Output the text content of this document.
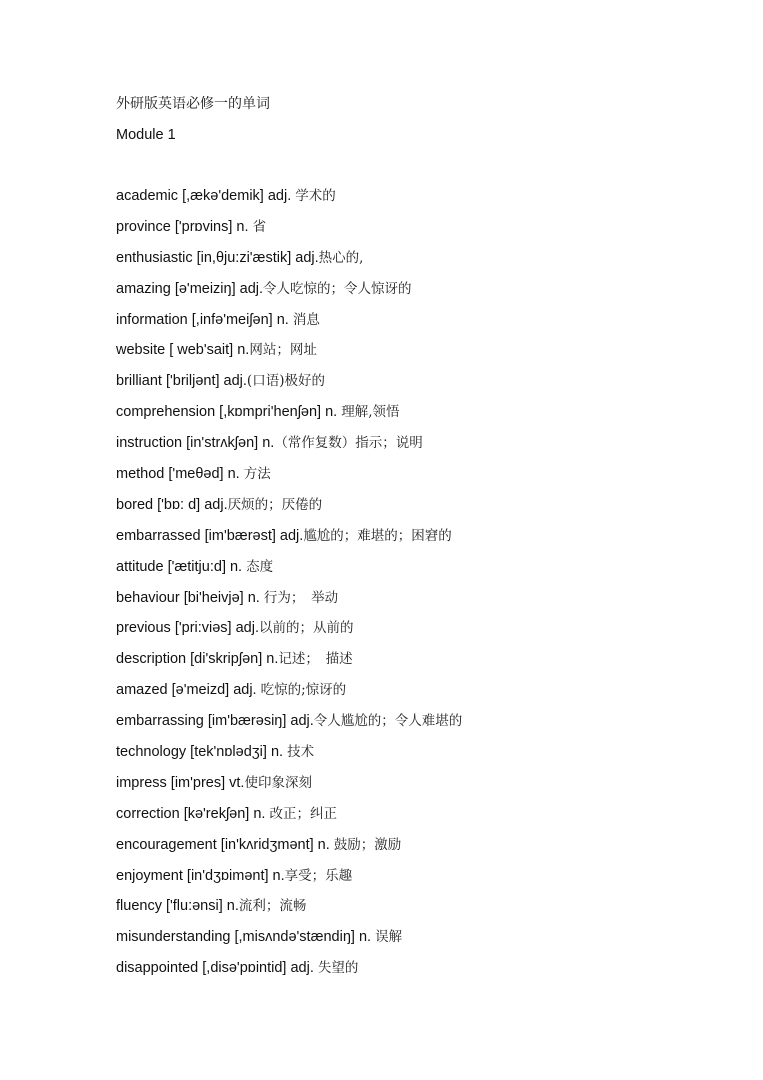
外研版英语必修一的单词
Module 1
academic [,ækə'demik] adj. 学术的
province ['prɒvins] n. 省
enthusiastic [in,θju:zi'æstik] adj.热心的,
amazing [ə'meiziŋ] adj.令人吃惊的；令人惊讶的
information [,infə'meiʃən] n. 消息
website [ web'sait] n.网站；网址
brilliant ['briljənt] adj.(口语)极好的
comprehension [,kɒmpri'henʃən] n. 理解,领悟
instruction [in'strʌkʃən] n.（常作复数）指示；说明
method ['meθəd] n. 方法
bored ['bɒ: d] adj.厌烦的；厌倦的
embarrassed [im'bærəst] adj.尴尬的；难堪的；困窘的
attitude ['ætitju:d] n. 态度
behaviour [bi'heivjə] n. 行为；　举动
previous ['pri:viəs] adj.以前的；从前的
description [di'skripʃən] n.记述；　描述
amazed [ə'meizd] adj. 吃惊的;惊讶的
embarrassing [im'bærəsiŋ] adj.令人尴尬的；令人难堪的
technology [tek'nɒlədʒi] n. 技术
impress [im'pres] vt.使印象深刻
correction [kə'rekʃən] n. 改正；纠正
encouragement [in'kʌridʒmənt] n. 鼓励；激励
enjoyment [in'dʒɒimənt] n.享受；乐趣
fluency ['flu:ənsi] n.流利；流畅
misunderstanding [,misʌndə'stændiŋ] n. 误解
disappointed [,disə'pɒintid] adj. 失望的
